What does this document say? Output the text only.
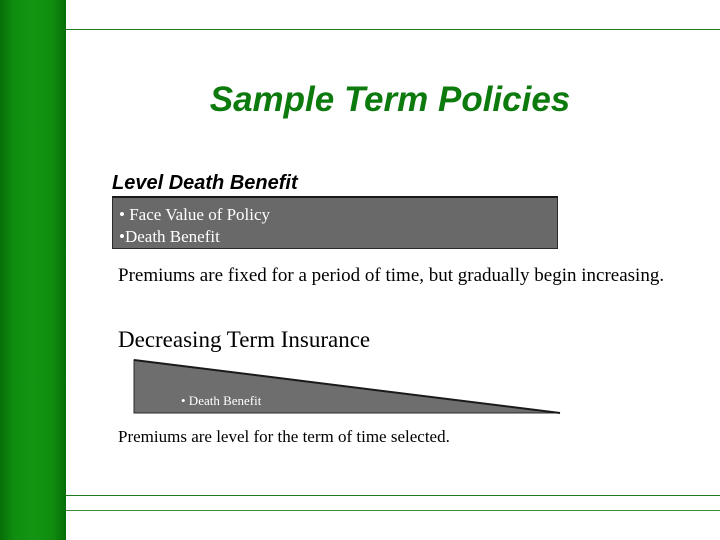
Sample Term Policies
Level Death Benefit
• Face Value of Policy
•Death Benefit
Premiums are fixed for a period of time, but gradually begin increasing.
Decreasing Term Insurance
• Death Benefit
Premiums are level for the term of time selected.
